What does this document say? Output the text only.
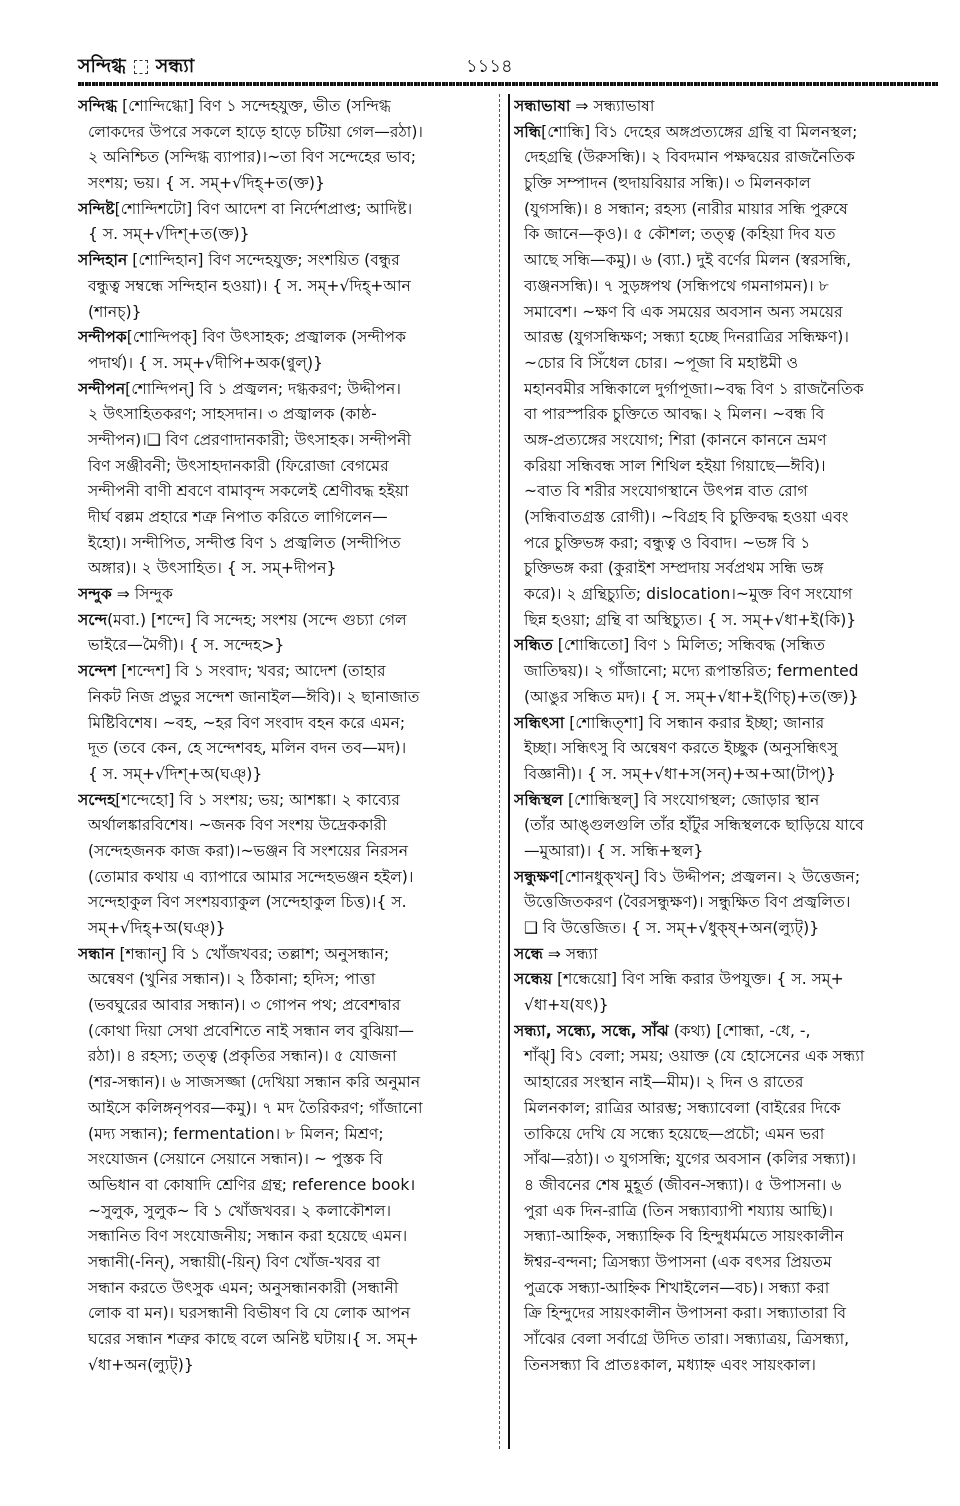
সন্দিগ্ধ সন্ধ্যা	১১১৪
সন্দিগ্ধ [শোন্দিগ্ধো] বিণ ১ সন্দেহযুক্ত, ভীত (সন্দিগ্ধ
লোকদের উপরে সকলে হাড়ে হাড়ে চটিয়া গেল—রঠা)।
২ অনিশ্চিত (সন্দিগ্ধ ব্যাপার)।~তা বিণ সন্দেহের ভাব;
সংশয়; ভয়। { স. সম্+√দিহ্+ত(ক্ত)}
সন্দিষ্ট[শোন্দিশটো] বিণ আদেশ বা নির্দেশপ্রাপ্ত; আদিষ্ট।
{ স. সম্+√দিশ্+ত(ক্ত)}
সন্দিহান [শোন্দিহান] বিণ সন্দেহযুক্ত; সংশয়িত (বন্ধুর
বন্ধুত্ব সম্বন্ধে সন্দিহান হওয়া)। { স. সম্+√দিহ্+আন
(শানচ্)}
সন্দীপক[শোন্দিপক্] বিণ উৎসাহক; প্রজ্বালক (সন্দীপক
পদার্থ)। { স. সম্+√দীপি+অক(ণ্বুল্)}
সন্দীপন[শোন্দিপন্] বি ১ প্রজ্বলন; দগ্ধকরণ; উদ্দীপন।
২ উৎসাহিতকরণ; সাহসদান। ৩ প্রজ্বালক (কাষ্ঠ-
সন্দীপন)।❑ বিণ প্রেরণাদানকারী; উৎসাহক। সন্দীপনী
বিণ সঞ্জীবনী; উৎসাহদানকারী (ফিরোজা বেগমের
সন্দীপনী বাণী শ্রবণে বামাবৃন্দ সকলেই শ্রেণীবদ্ধ হইয়া
দীর্ঘ বল্লম প্রহারে শত্রু নিপাত করিতে লাগিলেন—
ইহো)। সন্দীপিত, সন্দীপ্ত বিণ ১ প্রজ্বলিত (সন্দীপিত
অঙ্গার)। ২ উৎসাহিত। { স. সম্+দীপন}
সন্দুক ⇒ সিন্দুক
সন্দে(মবা.) [শন্দে] বি সন্দেহ; সংশয় (সন্দে গুচ্যা গেল
ভাইরে—মৈগী)। { স. সন্দেহ>}
সন্দেশ [শন্দেশ] বি ১ সংবাদ; খবর; আদেশ (তাহার
নিকট নিজ প্রভুর সন্দেশ জানাইল—ঈবি)। ২ ছানাজাত
মিষ্টিবিশেষ। ~বহ, ~হর বিণ সংবাদ বহন করে এমন;
দূত (তবে কেন, হে সন্দেশবহ, মলিন বদন তব—মদ)।
{ স. সম্+√দিশ্+অ(ঘঞ্)}
সন্দেহ[শন্দেহো] বি ১ সংশয়; ভয়; আশঙ্কা। ২ কাব্যের
অর্থালঙ্কারবিশেষ। ~জনক বিণ সংশয় উদ্রেককারী
(সন্দেহজনক কাজ করা)।~ভঞ্জন বি সংশয়ের নিরসন
(তোমার কথায় এ ব্যাপারে আমার সন্দেহভঞ্জন হইল)।
সন্দেহাকুল বিণ সংশয়ব্যাকুল (সন্দেহাকুল চিত্ত)।{ স.
সম্+√দিহ্+অ(ঘঞ্)}
সন্ধান [শন্ধান্] বি ১ খোঁজখবর; তল্লাশ; অনুসন্ধান;
অন্বেষণ (খুনির সন্ধান)। ২ ঠিকানা; হদিস; পাত্তা
(ভবঘুরের আবার সন্ধান)। ৩ গোপন পথ; প্রবেশদ্বার
(কোথা দিয়া সেথা প্রবেশিতে নাই সন্ধান লব বুঝিয়া—
রঠা)। ৪ রহস্য; তত্ত্ব (প্রকৃতির সন্ধান)। ৫ যোজনা
(শর-সন্ধান)। ৬ সাজসজ্জা (দেখিয়া সন্ধান করি অনুমান
আইসে কলিঙ্গনৃপবর—কমু)। ৭ মদ তৈরিকরণ; গাঁজানো
(মদ্য সন্ধান); fermentation। ৮ মিলন; মিশ্রণ;
সংযোজন (সেয়ানে সেয়ানে সন্ধান)। ~ পুস্তক বি
অভিধান বা কোষাদি শ্রেণির গ্রন্থ; reference book।
~সুলুক, সুলুক~ বি ১ খোঁজখবর। ২ কলাকৌশল।
সন্ধানিত বিণ সংযোজনীয়; সন্ধান করা হয়েছে এমন।
সন্ধানী(-নিন্), সন্ধায়ী(-য়িন্) বিণ খোঁজ-খবর বা
সন্ধান করতে উৎসুক এমন; অনুসন্ধানকারী (সন্ধানী
লোক বা মন)। ঘরসন্ধানী বিভীষণ বি যে লোক আপন
ঘরের সন্ধান শত্রুর কাছে বলে অনিষ্ট ঘটায়।{ স. সম্+
√ধা+অন(ল্যুট্)}
সন্ধাভাষা ⇒ সন্ধ্যাভাষা
সন্ধি[শোন্ধি] বি১ দেহের অঙ্গপ্রত্যঙ্গের গ্রন্থি বা মিলনস্থল;
দেহগ্রন্থি (উরুসন্ধি)। ২ বিবদমান পক্ষদ্বয়ের রাজনৈতিক
চুক্তি সম্পাদন (হুদায়বিয়ার সন্ধি)। ৩ মিলনকাল
(যুগসন্ধি)। ৪ সন্ধান; রহস্য (নারীর মায়ার সন্ধি পুরুষে
কি জানে—কৃও)। ৫ কৌশল; তত্ত্ব (কহিয়া দিব যত
আছে সন্ধি—কমু)। ৬ (ব্যা.) দুই বর্ণের মিলন (স্বরসন্ধি,
ব্যঞ্জনসন্ধি)। ৭ সুড়ঙ্গপথ (সন্ধিপথে গমনাগমন)। ৮
সমাবেশ। ~ক্ষণ বি এক সময়ের অবসান অন্য সময়ের
আরম্ভ (যুগসন্ধিক্ষণ; সন্ধ্যা হচ্ছে দিনরাত্রির সন্ধিক্ষণ)।
~চোর বি সিঁধেল চোর। ~পূজা বি মহাষ্টমী ও
মহানবমীর সন্ধিকালে দুর্গাপূজা।~বদ্ধ বিণ ১ রাজনৈতিক
বা পারস্পরিক চুক্তিতে আবদ্ধ। ২ মিলন। ~বন্ধ বি
অঙ্গ-প্রত্যঙ্গের সংযোগ; শিরা (কাননে কাননে ভ্রমণ
করিয়া সন্ধিবন্ধ সাল শিথিল হইয়া গিয়াছে—ঈবি)।
~বাত বি শরীর সংযোগস্থানে উৎপন্ন বাত রোগ
(সন্ধিবাতগ্রস্ত রোগী)। ~বিগ্রহ বি চুক্তিবদ্ধ হওয়া এবং
পরে চুক্তিভঙ্গ করা; বন্ধুত্ব ও বিবাদ। ~ভঙ্গ বি ১
চুক্তিভঙ্গ করা (কুরাইশ সম্প্রদায় সর্বপ্রথম সন্ধি ভঙ্গ
করে)। ২ গ্রন্থিচ্যুতি; dislocation।~মুক্ত বিণ সংযোগ
ছিন্ন হওয়া; গ্রন্থি বা অস্থিচ্যুত। { স. সম্+√ধা+ই(কি)}
সন্ধিত [শোন্ধিতো] বিণ ১ মিলিত; সন্ধিবদ্ধ (সন্ধিত
জাতিদ্বয়)। ২ গাঁজানো; মদ্যে রূপান্তরিত; fermented
(আঙুর সন্ধিত মদ)। { স. সম্+√ধা+ই(ণিচ্)+ত(ক্ত)}
সন্ধিৎসা [শোন্ধিত্শা] বি সন্ধান করার ইচ্ছা; জানার
ইচ্ছা। সন্ধিৎসু বি অন্বেষণ করতে ইচ্ছুক (অনুসন্ধিৎসু
বিজ্ঞানী)। { স. সম্+√ধা+স(সন্)+অ+আ(টাপ্)}
সন্ধিস্থল [শোন্ধিস্থল্] বি সংযোগস্থল; জোড়ার স্থান
(তাঁর আঙ্গুলগুলি তাঁর হাঁটুর সন্ধিস্থলকে ছাড়িয়ে যাবে
—মুআরা)। { স. সন্ধি+স্থল}
সন্ধুক্ষণ[শোনধুক্খন্] বি১ উদ্দীপন; প্রজ্বলন। ২ উত্তেজন;
উত্তেজিতকরণ (বৈরসন্ধুক্ষণ)। সন্ধুক্ষিত বিণ প্রজ্বলিত।
❑ বি উত্তেজিত। { স. সম্+√ধুক্ষ্+অন(ল্যুট্)}
সন্ধে ⇒ সন্ধ্যা
সন্ধেয় [শন্ধেয়ো] বিণ সন্ধি করার উপযুক্ত। { স. সম্+
√ধা+য(যৎ)}
সন্ধ্যা, সন্ধ্যে, সন্ধে, সাঁঝ (কথ্য) [শোন্ধা, -ধে, -,
শাঁঝ্] বি১ বেলা; সময়; ওয়াক্ত (যে হোসেনের এক সন্ধ্যা
আহারের সংস্থান নাই—মীম)। ২ দিন ও রাতের
মিলনকাল; রাত্রির আরম্ভ; সন্ধ্যাবেলা (বাইরের দিকে
তাকিয়ে দেখি যে সন্ধ্যে হয়েছে—প্রচৌ; এমন ভরা
সাঁঝ—রঠা)। ৩ যুগসন্ধি; যুগের অবসান (কলির সন্ধ্যা)।
৪ জীবনের শেষ মুহূর্ত (জীবন-সন্ধ্যা)। ৫ উপাসনা। ৬
পুরা এক দিন-রাত্রি (তিন সন্ধ্যাব্যাপী শয্যায় আছি)।
সন্ধ্যা-আহ্নিক, সন্ধ্যাহ্নিক বি হিন্দুধর্মমতে সায়ংকালীন
ঈশ্বর-বন্দনা; ত্রিসন্ধ্যা উপাসনা (এক বৎসর প্রিয়তম
পুত্রকে সন্ধ্যা-আহ্নিক শিখাইলেন—বচ)। সন্ধ্যা করা
ক্রি হিন্দুদের সায়ংকালীন উপাসনা করা। সন্ধ্যাতারা বি
সাঁঝের বেলা সর্বাগ্রে উদিত তারা। সন্ধ্যাত্রয়, ত্রিসন্ধ্যা,
তিনসন্ধ্যা বি প্রাতঃকাল, মধ্যাহ্ন এবং সায়ংকাল।
